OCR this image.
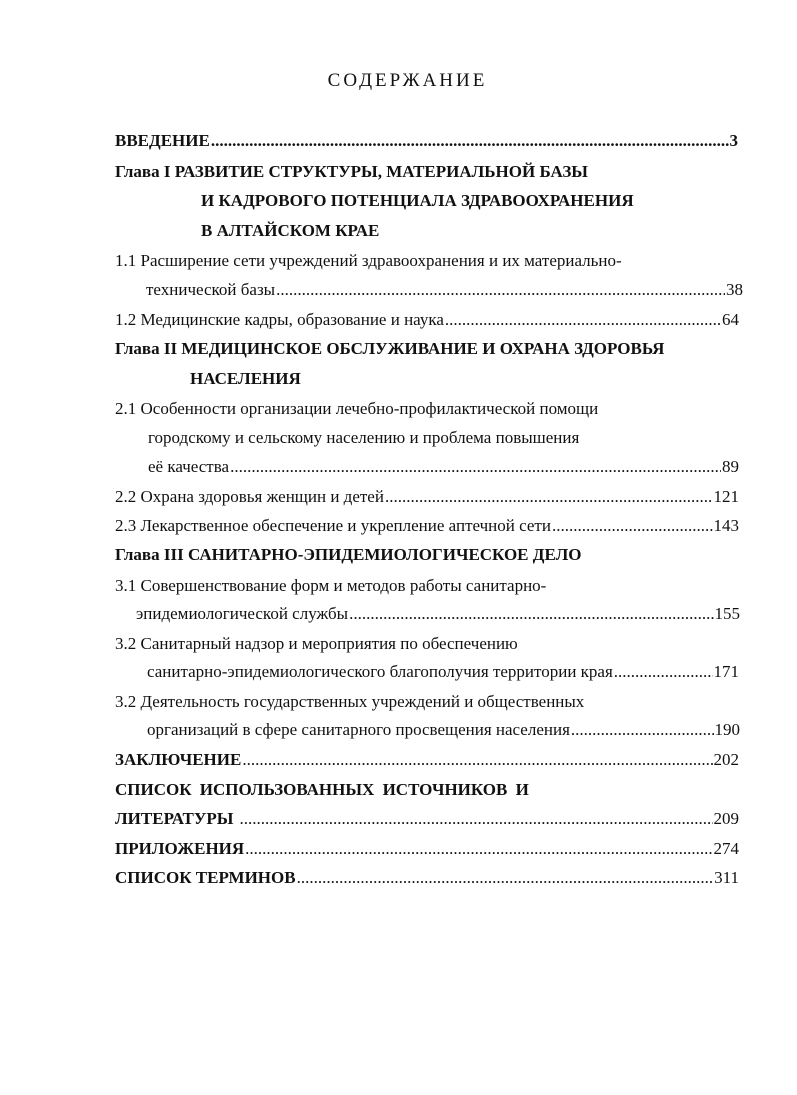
СОДЕРЖАНИЕ
ВВЕДЕНИЕ .....	3
Глава I РАЗВИТИЕ СТРУКТУРЫ, МАТЕРИАЛЬНОЙ БАЗЫ
И КАДРОВОГО ПОТЕНЦИАЛА ЗДРАВООХРАНЕНИЯ
В АЛТАЙСКОМ КРАЕ
1.1 Расширение сети учреждений здравоохранения и их материально-
технической базы .....	38
1.2 Медицинские кадры, образование и наука .....	64
Глава II МЕДИЦИНСКОЕ ОБСЛУЖИВАНИЕ И ОХРАНА ЗДОРОВЬЯ
НАСЕЛЕНИЯ
2.1 Особенности организации лечебно-профилактической помощи
городскому и сельскому населению и проблема повышения
её качества .....	89
2.2 Охрана здоровья женщин и детей .....	121
2.3 Лекарственное обеспечение и укрепление аптечной сети .....	143
Глава III САНИТАРНО-ЭПИДЕМИОЛОГИЧЕСКОЕ ДЕЛО
3.1 Совершенствование форм и методов работы санитарно-
эпидемиологической службы .....	155
3.2 Санитарный надзор и мероприятия по обеспечению
санитарно-эпидемиологического благополучия территории края .....	171
3.2 Деятельность государственных учреждений и общественных
организаций в сфере санитарного просвещения населения .....	190
ЗАКЛЮЧЕНИЕ .....	202
СПИСОК ИСПОЛЬЗОВАННЫХ ИСТОЧНИКОВ И
ЛИТЕРАТУРЫ .....	209
ПРИЛОЖЕНИЯ .....	274
СПИСОК ТЕРМИНОВ .....	311
